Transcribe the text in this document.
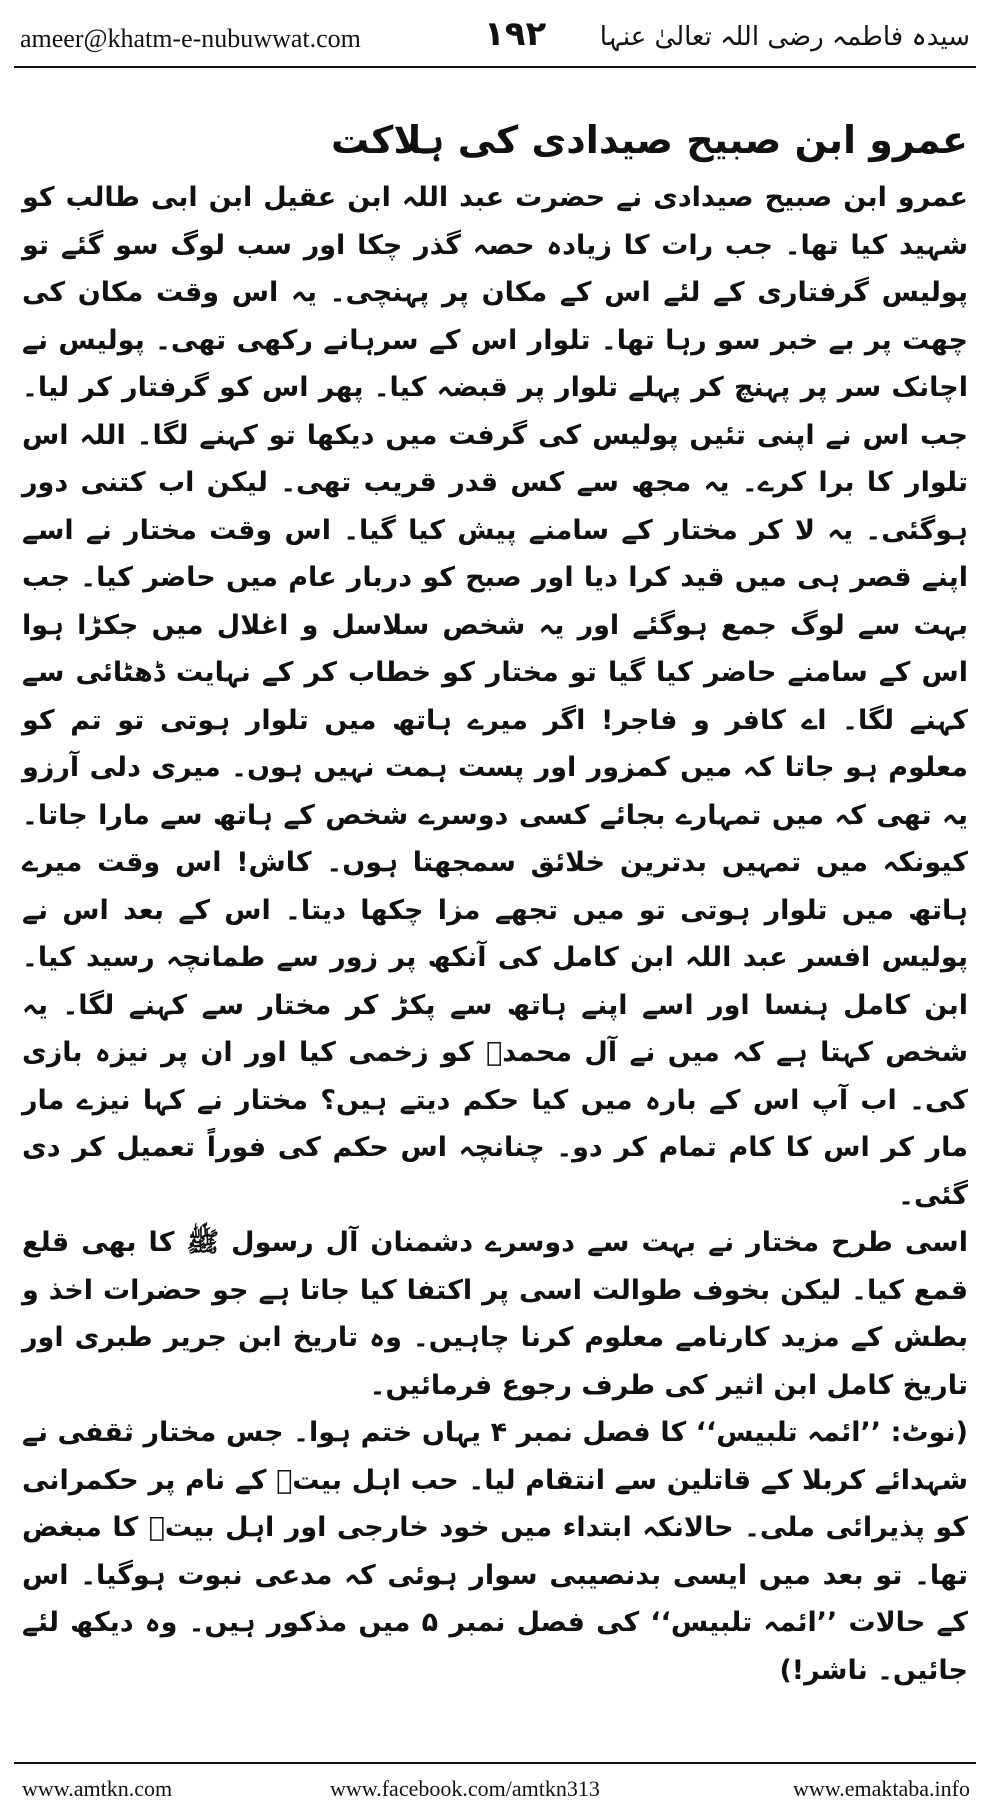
ameer@khatm-e-nubuwwat.com	۱۹۲ سیدہ فاطمہ رضی اللہ تعالیٰ عنہا
عمرو ابن صبیح صیدادی کی ہلاکت

عمرو ابن صبیح صیدادی نے حضرت عبد اللہ ابن عقیل ابن ابی طالب کو شہید کیا تھا۔ جب رات کا زیادہ حصہ گذر چکا اور سب لوگ سو گئے تو پولیس گرفتاری کے لئے اس کے مکان پر پہنچی۔ یہ اس وقت مکان کی چھت پر بے خبر سو رہا تھا۔ تلوار اس کے سرہانے رکھی تھی۔ پولیس نے اچانک سر پر پہنچ کر پہلے تلوار پر قبضہ کیا۔ پھر اس کو گرفتار کر لیا۔ جب اس نے اپنی تئیں پولیس کی گرفت میں دیکھا تو کہنے لگا۔ اللہ اس تلوار کا برا کرے۔ یہ مجھ سے کس قدر قریب تھی۔ لیکن اب کتنی دور ہوگئی۔ یہ لا کر مختار کے سامنے پیش کیا گیا۔ اس وقت مختار نے اسے اپنے قصر ہی میں قید کرا دیا اور صبح کو دربار عام میں حاضر کیا۔ جب بہت سے لوگ جمع ہوگئے اور یہ شخص سلاسل و اغلال میں جکڑا ہوا اس کے سامنے حاضر کیا گیا تو مختار کو خطاب کر کے نہایت ڈھٹائی سے کہنے لگا۔ اے کافر و فاجر! اگر میرے ہاتھ میں تلوار ہوتی تو تم کو معلوم ہو جاتا کہ میں کمزور اور پست ہمت نہیں ہوں۔ میری دلی آرزو یہ تھی کہ میں تمہارے بجائے کسی دوسرے شخص کے ہاتھ سے مارا جاتا۔ کیونکہ میں تمہیں بدترین خلائق سمجھتا ہوں۔ کاش! اس وقت میرے ہاتھ میں تلوار ہوتی تو میں تجھے مزا چکھا دیتا۔ اس کے بعد اس نے پولیس افسر عبد اللہ ابن کامل کی آنکھ پر زور سے طمانچہ رسید کیا۔ ابن کامل ہنسا اور اسے اپنے ہاتھ سے پکڑ کر مختار سے کہنے لگا۔ یہ شخص کہتا ہے کہ میں نے آل محمدؐ کو زخمی کیا اور ان پر نیزہ بازی کی۔ اب آپ اس کے بارہ میں کیا حکم دیتے ہیں؟ مختار نے کہا نیزے مار مار کر اس کا کام تمام کر دو۔ چنانچہ اس حکم کی فوراً تعمیل کر دی گئی۔

اسی طرح مختار نے بہت سے دوسرے دشمنان آل رسول ﷺ کا بھی قلع قمع کیا۔ لیکن بخوف طوالت اسی پر اکتفا کیا جاتا ہے جو حضرات اخذ و بطش کے مزید کارنامے معلوم کرنا چاہیں۔ وہ تاریخ ابن جریر طبری اور تاریخ کامل ابن اثیر کی طرف رجوع فرمائیں۔

(نوٹ: ’’ائمہ تلبیس‘‘ کا فصل نمبر ۴ یہاں ختم ہوا۔ جس مختار ثقفی نے شہدائے کربلا کے قاتلین سے انتقام لیا۔ حب اہل بیتؓ کے نام پر حکمرانی کو پذیرائی ملی۔ حالانکہ ابتداء میں خود خارجی اور اہل بیتؓ کا مبغض تھا۔ تو بعد میں ایسی بدنصیبی سوار ہوئی کہ مدعی نبوت ہوگیا۔ اس کے حالات ’’ائمہ تلبیس‘‘ کی فصل نمبر ۵ میں مذکور ہیں۔ وہ دیکھ لئے جائیں۔ ناشر!)

www.amtkn.com	www.facebook.com/amtkn313	www.emaktaba.info
